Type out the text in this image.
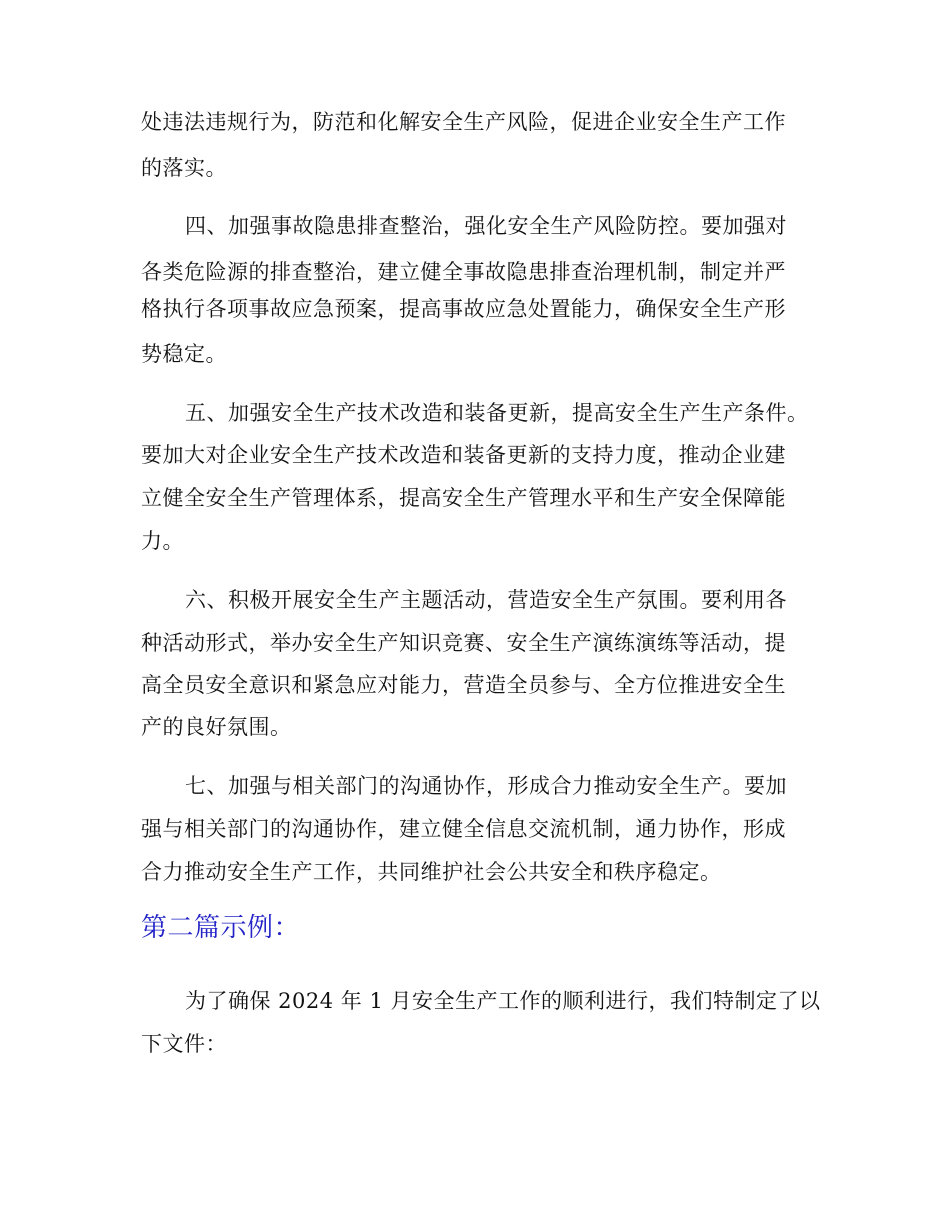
处违法违规行为，防范和化解安全生产风险，促进企业安全生产工作
的落实。
四、加强事故隐患排查整治，强化安全生产风险防控。要加强对
各类危险源的排查整治，建立健全事故隐患排查治理机制，制定并严
格执行各项事故应急预案，提高事故应急处置能力，确保安全生产形
势稳定。
五、加强安全生产技术改造和装备更新，提高安全生产生产条件。
要加大对企业安全生产技术改造和装备更新的支持力度，推动企业建
立健全安全生产管理体系，提高安全生产管理水平和生产安全保障能
力。
六、积极开展安全生产主题活动，营造安全生产氛围。要利用各
种活动形式，举办安全生产知识竞赛、安全生产演练演练等活动，提
高全员安全意识和紧急应对能力，营造全员参与、全方位推进安全生
产的良好氛围。
七、加强与相关部门的沟通协作，形成合力推动安全生产。要加
强与相关部门的沟通协作，建立健全信息交流机制，通力协作，形成
合力推动安全生产工作，共同维护社会公共安全和秩序稳定。
第二篇示例：
为了确保 2024 年 1 月安全生产工作的顺利进行，我们特制定了以
下文件：
